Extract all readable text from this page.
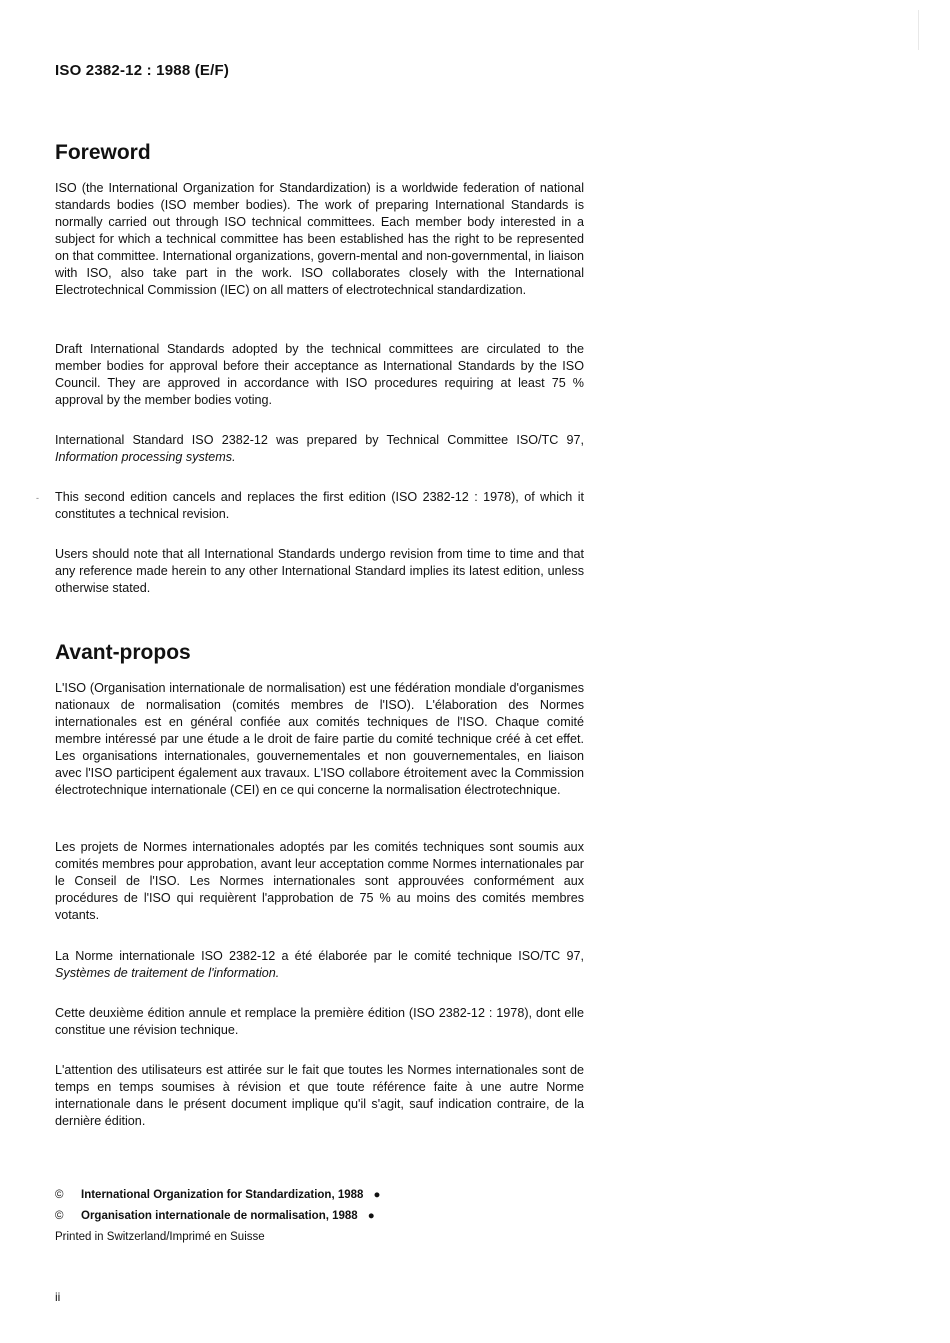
ISO 2382-12 : 1988 (E/F)
Foreword

ISO (the International Organization for Standardization) is a worldwide federation of national standards bodies (ISO member bodies). The work of preparing International Standards is normally carried out through ISO technical committees. Each member body interested in a subject for which a technical committee has been established has the right to be represented on that committee. International organizations, govern-mental and non-governmental, in liaison with ISO, also take part in the work. ISO collaborates closely with the International Electrotechnical Commission (IEC) on all matters of electrotechnical standardization.

Draft International Standards adopted by the technical committees are circulated to the member bodies for approval before their acceptance as International Standards by the ISO Council. They are approved in accordance with ISO procedures requiring at least 75 % approval by the member bodies voting.

International Standard ISO 2382-12 was prepared by Technical Committee ISO/TC 97, Information processing systems.

- This second edition cancels and replaces the first edition (ISO 2382-12 : 1978), of which it constitutes a technical revision.

Users should note that all International Standards undergo revision from time to time and that any reference made herein to any other International Standard implies its latest edition, unless otherwise stated.

Avant-propos

L'ISO (Organisation internationale de normalisation) est une fédération mondiale d'organismes nationaux de normalisation (comités membres de l'ISO). L'élaboration des Normes internationales est en général confiée aux comités techniques de l'ISO. Chaque comité membre intéressé par une étude a le droit de faire partie du comité technique créé à cet effet. Les organisations internationales, gouvernementales et non gouvernementales, en liaison avec l'ISO participent également aux travaux. L'ISO collabore étroitement avec la Commission électrotechnique internationale (CEI) en ce qui concerne la normalisation électrotechnique.

Les projets de Normes internationales adoptés par les comités techniques sont soumis aux comités membres pour approbation, avant leur acceptation comme Normes internationales par le Conseil de l'ISO. Les Normes internationales sont approuvées conformément aux procédures de l'ISO qui requièrent l'approbation de 75 % au moins des comités membres votants.

La Norme internationale ISO 2382-12 a été élaborée par le comité technique ISO/TC 97, Systèmes de traitement de l'information.

Cette deuxième édition annule et remplace la première édition (ISO 2382-12 : 1978), dont elle constitue une révision technique.

L'attention des utilisateurs est attirée sur le fait que toutes les Normes internationales sont de temps en temps soumises à révision et que toute référence faite à une autre Norme internationale dans le présent document implique qu'il s'agit, sauf indication contraire, de la dernière édition.

© International Organization for Standardization, 1988 ●
© Organisation internationale de normalisation, 1988 ●
Printed in Switzerland/Imprimé en Suisse
ii
